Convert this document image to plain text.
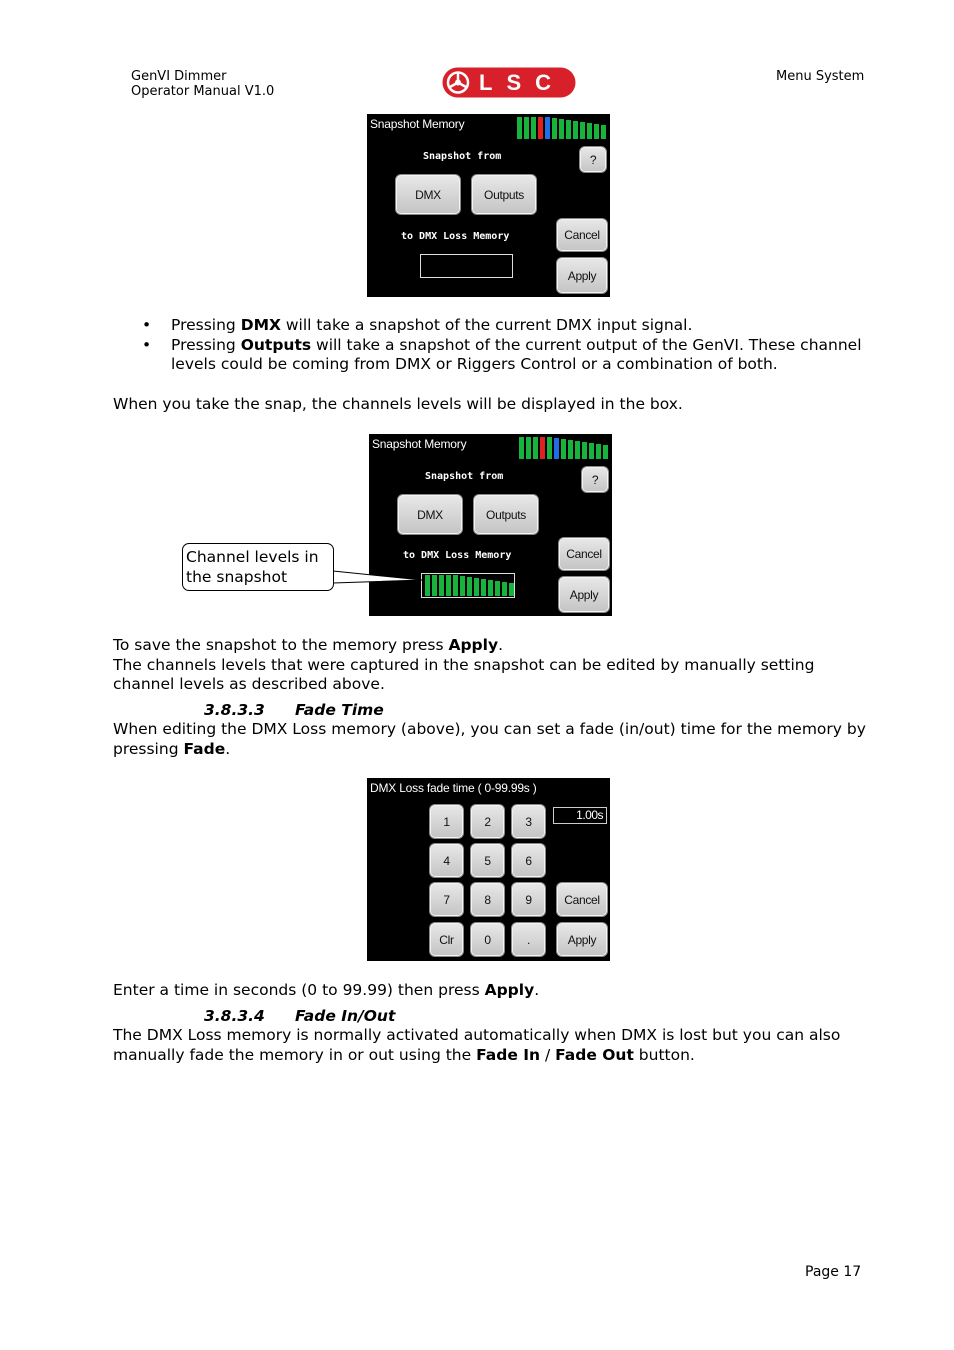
GenVI Dimmer
Operator Manual V1.0	LSC	Menu System
Snapshot Memory
Snapshot from	?
DMX	Outputs
to DMX Loss Memory	Cancel
Apply
• Pressing DMX will take a snapshot of the current DMX input signal.
• Pressing Outputs will take a snapshot of the current output of the GenVI. These channel levels could be coming from DMX or Riggers Control or a combination of both.
When you take the snap, the channels levels will be displayed in the box.
Snapshot Memory
Snapshot from	?
DMX	Outputs
to DMX Loss Memory	Cancel
Apply
Channel levels in
the snapshot

To save the snapshot to the memory press Apply.

The channels levels that were captured in the snapshot can be edited by manually setting channel levels as described above.

3.8.3.3 Fade Time

When editing the DMX Loss memory (above), you can set a fade (in/out) time for the memory by pressing Fade.

DMX Loss fade time ( 0-99.99s )
1.00s
1	2	3
4	5	6
7	8	9
Clr	0	.
Cancel
Apply

Enter a time in seconds (0 to 99.99) then press Apply.

3.8.3.4 Fade In/Out

The DMX Loss memory is normally activated automatically when DMX is lost but you can also manually fade the memory in or out using the Fade In / Fade Out button.

Page 17
